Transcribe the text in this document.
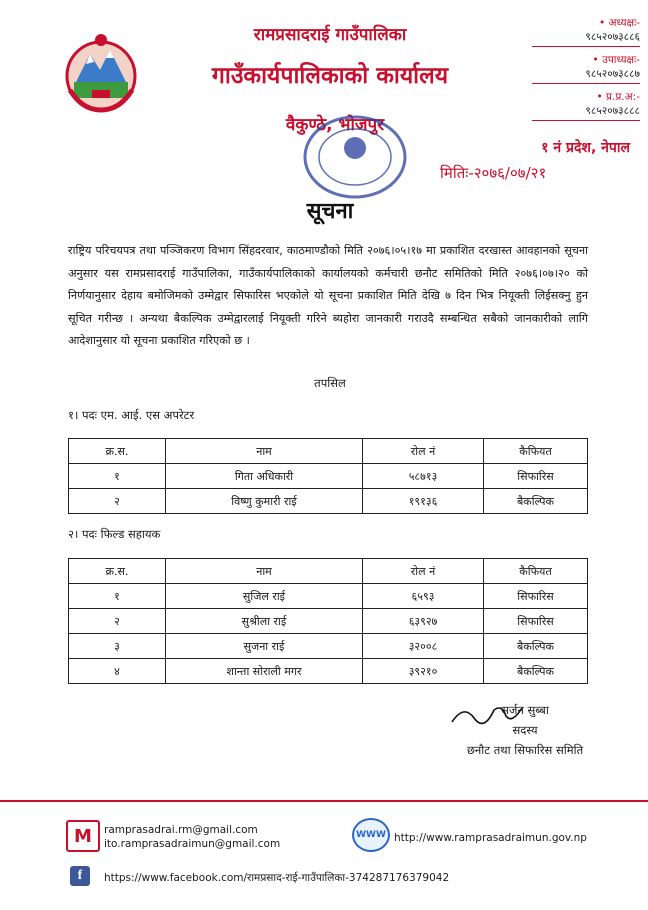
रामप्रसादराई गाउँपालिका
गाउँकार्यपालिकाको कार्यालय
वैकुण्ठे, भोजपुर
• अध्यक्षः-
९८५२०७३८८६
• उपाध्यक्षः-
९८५२०७३८८७
• प्र.प्र.अ:-
९८५२०७३८८८
१ नं प्रदेश, नेपाल
मितिः-२०७६/०७/२१
सूचना
राष्ट्रिय परिचयपत्र तथा पञ्जिकरण विभाग सिंहदरवार, काठमाण्डौको मिति २०७६।०५।१७ मा प्रकाशित दरखास्त आवहानको सूचना अनुसार यस रामप्रसादराई गाउँपालिका, गाउँकार्यपालिकाको कार्यालयको कर्मचारी छनौट समितिको मिति २०७६।०७।२० को निर्णयानुसार देहाय बमोजिमको उम्मेद्वार सिफारिस भएकोले यो सूचना प्रकाशित मिति देखि ७ दिन भित्र नियूक्ती लिईसक्नु हुन सूचित गरीन्छ । अन्यथा बैकल्पिक उम्मेद्वारलाई नियूक्ती गरिने ब्यहोरा जानकारी गराउदै सम्बन्धित सबैको जानकारीको लागि आदेशानुसार यो सूचना प्रकाशित गरिएको छ ।
तपसिल
१। पदः एम. आई. एस अपरेटर
क्र.स.	नाम	रोल नं	कैफियत
१	गिता अधिकारी	५८७१३	सिफारिस
२	विष्णु कुमारी राई	१९१३६	बैकल्पिक
२। पदः फिल्ड सहायक
क्र.स.	नाम	रोल नं	कैफियत
१	सुजिल राई	६५९३	सिफारिस
२	सुश्रीला राई	६३९२७	सिफारिस
३	सुजना राई	३२००८	बैकल्पिक
४	शान्ता सोराली मगर	३९२१०	बैकल्पिक
सर्जन सुब्बा
सदस्य
छनौट तथा सिफारिस समिति
M ramprasadrai.rm@gmail.com
ito.ramprasadraimun@gmail.com
WWW http://www.ramprasadraimun.gov.np
f https://www.facebook.com/रामप्रसाद-राई-गाउँपालिका-374287176379042
